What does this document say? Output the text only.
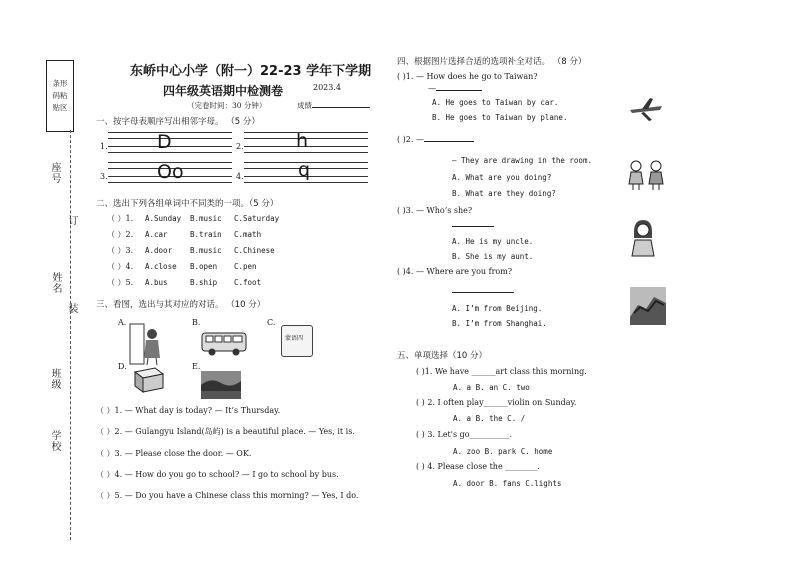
条形
码粘
贴区
座号
姓名
订
装
班级
学校
东峤中心小学（附一）22-23 学年下学期
四年级英语期中检测卷	2023.4
（完卷时间：30 分钟）	成绩
一、按字母表顺序写出相邻字母。 （5 分）
1.	D	2.	h
3.	Oo	4.	q
二、选出下列各组单词中不同类的一项。（5 分）
（ ）1. A.Sunday B.music C.Saturday
（ ）2. A.car	B.train C.math
（ ）3. A.door B.music C.Chinese
（ ）4. A.close B.open C.pen
（ ）5. A.bus	B.ship C.foot
三、看图，选出与其对应的对话。 （10 分）
A.	B.	C.
蒙语四
D.	E.
（ ）1. — What day is today? — It’s Thursday.
（ ）2. — Gulangyu Island(岛屿) is a beautiful place. — Yes, it is.
（ ）3. — Please close the door. — OK.
（ ）4. — How do you go to school? — I go to school by bus.
（ ）5. — Do you have a Chinese class this morning? — Yes, I do.
四、根据图片选择合适的选项补全对话。 （8 分）
( )1. — How does he go to Taiwan?
—
A. He goes to Taiwan by car.
B. He goes to Taiwan by plane.
( )2. —
— They are drawing in the room.
A. What are you doing?
B. What are they doing?
( )3. — Who’s she?
A. He is my uncle.
B. She is my aunt.
( )4. — Where are you from?
A. I’m from Beijing.
B. I’m from Shanghai.
五、单项选择（10 分）
( )1. We have ______art class this morning.
A. a B. an C. two
( ) 2. I often play______violin on Sunday.
A. a B. the C. /
( ) 3. Let's go__________.
A. zoo B. park C. home
( ) 4. Please close the ________.
A. door B. fans C.lights
